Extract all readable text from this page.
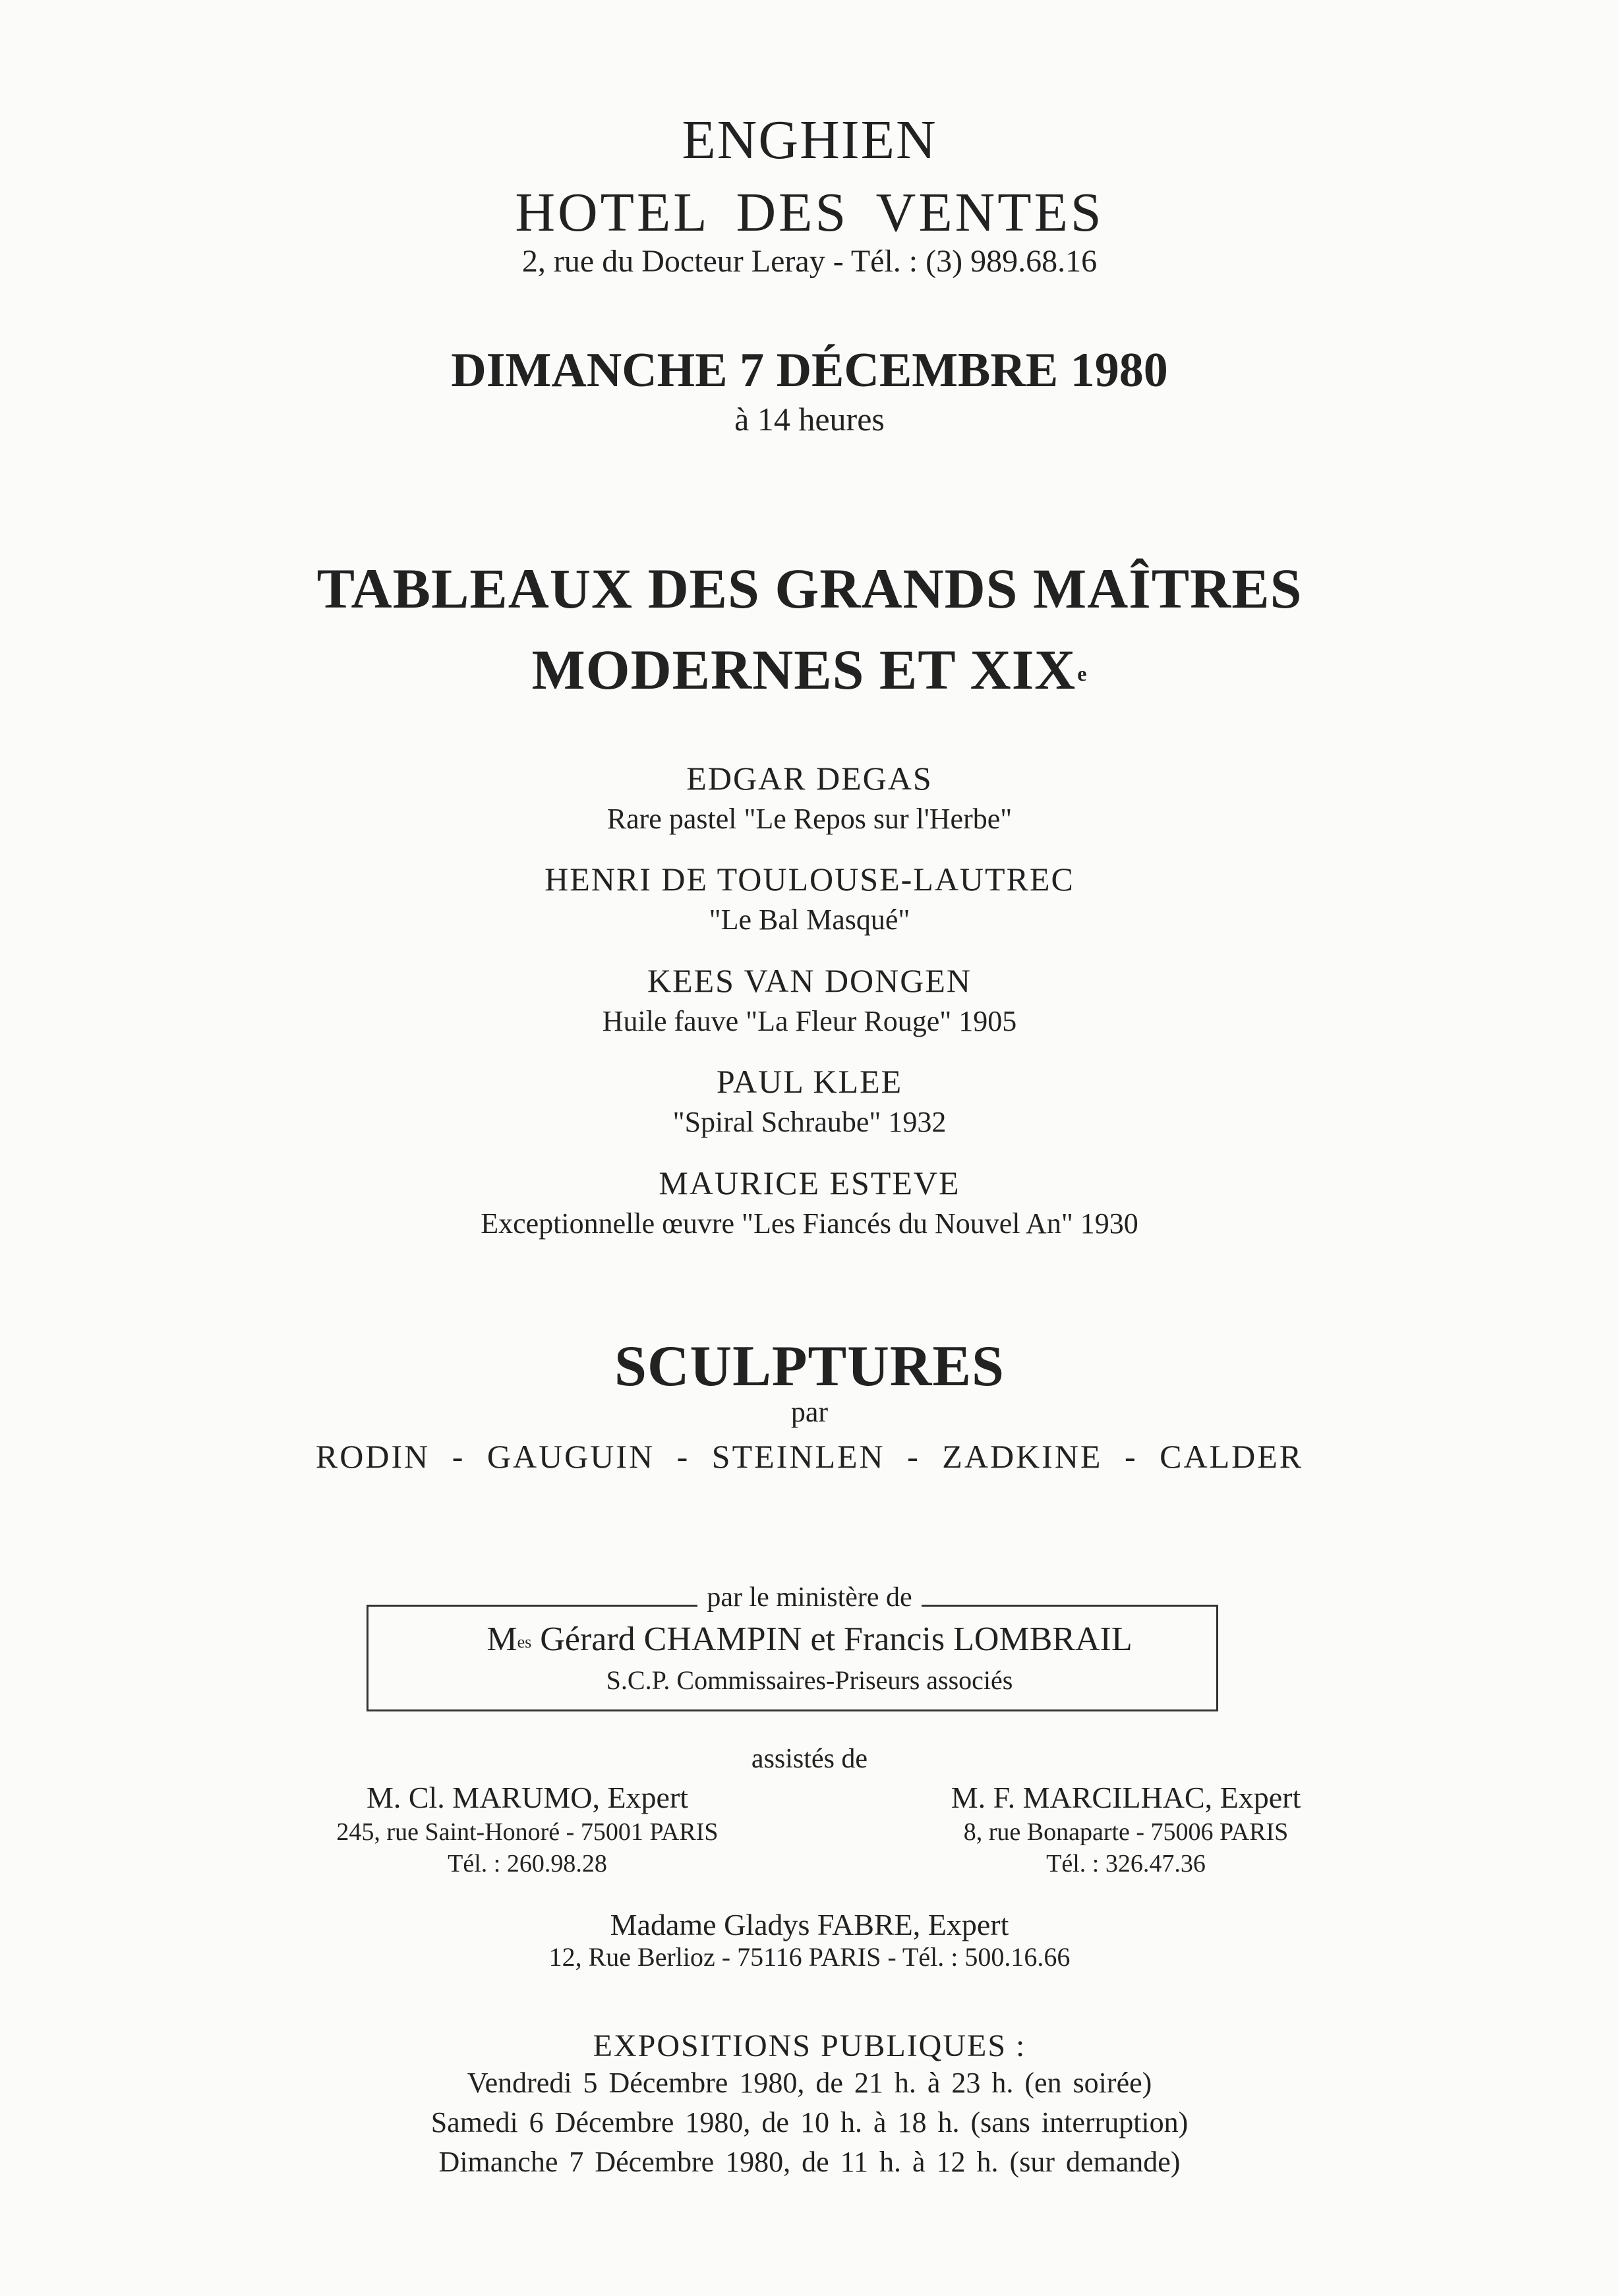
ENGHIEN
HOTEL DES VENTES
2, rue du Docteur Leray - Tél. : (3) 989.68.16
DIMANCHE 7 DÉCEMBRE 1980
à 14 heures
TABLEAUX DES GRANDS MAÎTRES
MODERNES ET XIXe
EDGAR DEGAS
Rare pastel "Le Repos sur l'Herbe"
HENRI DE TOULOUSE-LAUTREC
"Le Bal Masqué"
KEES VAN DONGEN
Huile fauve "La Fleur Rouge" 1905
PAUL KLEE
"Spiral Schraube" 1932
MAURICE ESTEVE
Exceptionnelle œuvre "Les Fiancés du Nouvel An" 1930
SCULPTURES
par
RODIN - GAUGUIN - STEINLEN - ZADKINE - CALDER
par le ministère de
$M^{es}$ Gérard CHAMPIN et Francis LOMBRAIL
S.C.P. Commissaires-Priseurs associés
assistés de
M. Cl. MARUMO, Expert
245, rue Saint-Honoré - 75001 PARIS
Tél. : 260.98.28
M. F. MARCILHAC, Expert
8, rue Bonaparte - 75006 PARIS
Tél. : 326.47.36
Madame Gladys FABRE, Expert
12, Rue Berlioz - 75116 PARIS - Tél. : 500.16.66
EXPOSITIONS PUBLIQUES :
Vendredi 5 Décembre 1980, de 21 h. à 23 h. (en soirée)
Samedi 6 Décembre 1980, de 10 h. à 18 h. (sans interruption)
Dimanche 7 Décembre 1980, de 11 h. à 12 h. (sur demande)
